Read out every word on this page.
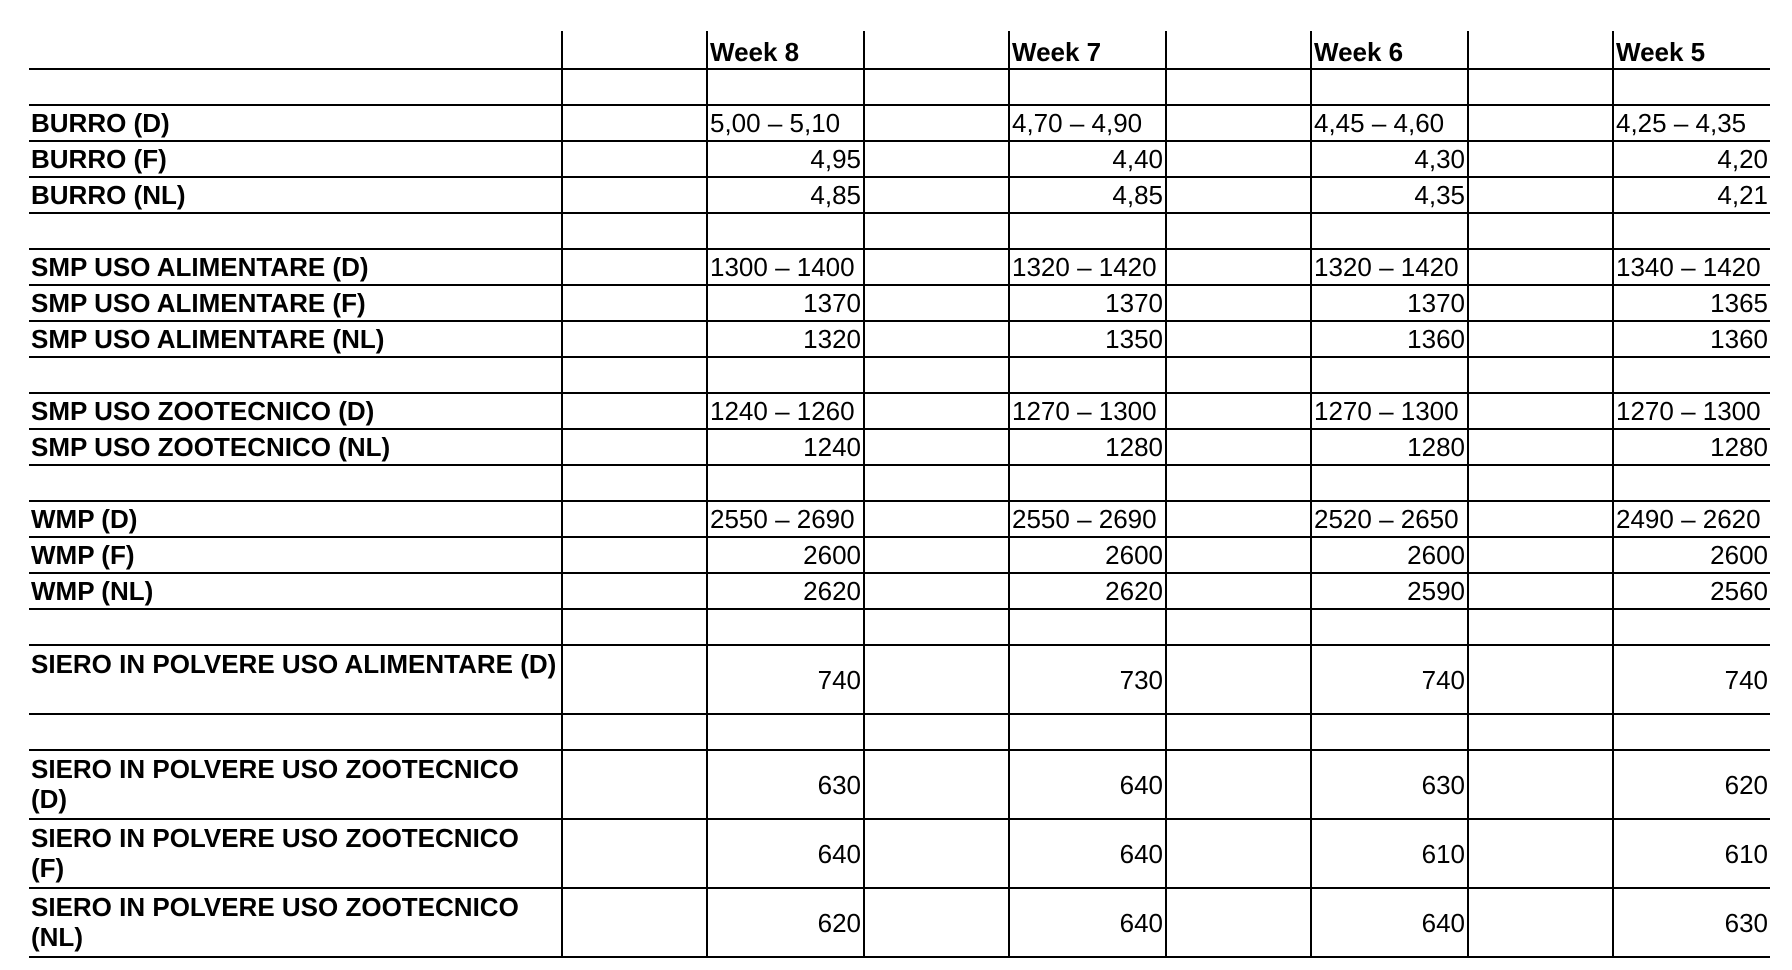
		Week 8		Week 7		Week 6		Week 5

BURRO (D)		5,00 – 5,10		4,70 – 4,90		4,45 – 4,60		4,25 – 4,35
BURRO (F)		4,95		4,40		4,30		4,20
BURRO (NL)		4,85		4,85		4,35		4,21

SMP USO ALIMENTARE (D)		1300 – 1400		1320 – 1420		1320 – 1420		1340 – 1420
SMP USO ALIMENTARE (F)		1370		1370		1370		1365
SMP USO ALIMENTARE (NL)		1320		1350		1360		1360

SMP USO ZOOTECNICO (D)		1240 – 1260		1270 – 1300		1270 – 1300		1270 – 1300
SMP USO ZOOTECNICO (NL)		1240		1280		1280		1280

WMP (D)		2550 – 2690		2550 – 2690		2520 – 2650		2490 – 2620
WMP (F)		2600		2600		2600		2600
WMP (NL)		2620		2620		2590		2560

SIERO IN POLVERE USO ALIMENTARE (D)		740		730		740		740

SIERO IN POLVERE USO ZOOTECNICO (D)		630		640		630		620
SIERO IN POLVERE USO ZOOTECNICO (F)		640		640		610		610
SIERO IN POLVERE USO ZOOTECNICO (NL)		620		640		640		630
